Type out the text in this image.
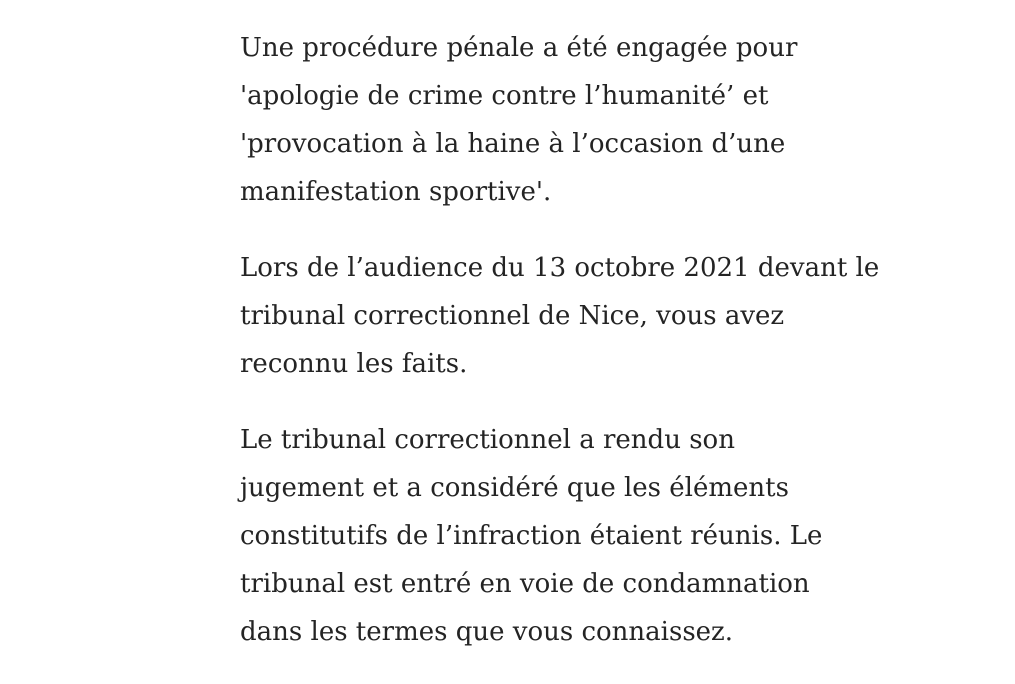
Une procédure pénale a été engagée pour
'apologie de crime contre l’humanité’ et
'provocation à la haine à l’occasion d’une
manifestation sportive'.

Lors de l’audience du 13 octobre 2021 devant le
tribunal correctionnel de Nice, vous avez
reconnu les faits.

Le tribunal correctionnel a rendu son
jugement et a considéré que les éléments
constitutifs de l’infraction étaient réunis. Le
tribunal est entré en voie de condamnation
dans les termes que vous connaissez.
